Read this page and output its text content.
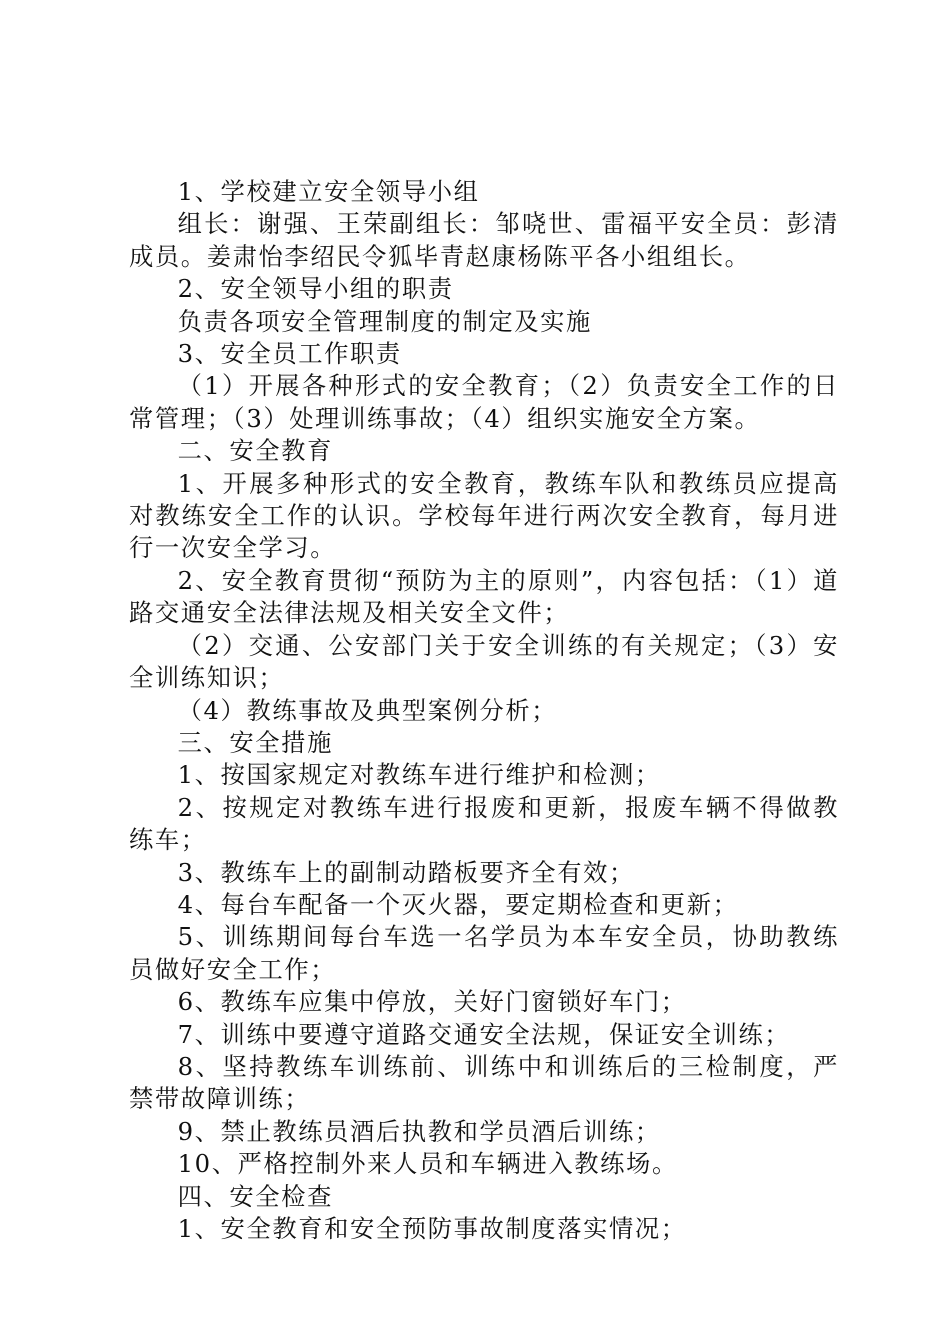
1、学校建立安全领导小组

组长：谢强、王荣副组长：邹哓世、雷福平安全员：彭清成员。姜肃怡李绍民令狐毕青赵康杨陈平各小组组长。

2、安全领导小组的职责

负责各项安全管理制度的制定及实施

3、安全员工作职责

（1）开展各种形式的安全教育；（2）负责安全工作的日常管理；（3）处理训练事故；（4）组织实施安全方案。

二、安全教育

1、开展多种形式的安全教育，教练车队和教练员应提高对教练安全工作的认识。学校每年进行两次安全教育，每月进行一次安全学习。

2、安全教育贯彻“预防为主的原则”，内容包括：（1）道路交通安全法律法规及相关安全文件；

（2）交通、公安部门关于安全训练的有关规定；（3）安全训练知识；

（4）教练事故及典型案例分析；

三、安全措施

1、按国家规定对教练车进行维护和检测；

2、按规定对教练车进行报废和更新，报废车辆不得做教练车；

3、教练车上的副制动踏板要齐全有效；

4、每台车配备一个灭火器，要定期检查和更新；

5、训练期间每台车选一名学员为本车安全员，协助教练员做好安全工作；

6、教练车应集中停放，关好门窗锁好车门；

7、训练中要遵守道路交通安全法规，保证安全训练；

8、坚持教练车训练前、训练中和训练后的三检制度，严禁带故障训练；

9、禁止教练员酒后执教和学员酒后训练；

10、严格控制外来人员和车辆进入教练场。

四、安全检查

1、安全教育和安全预防事故制度落实情况；
